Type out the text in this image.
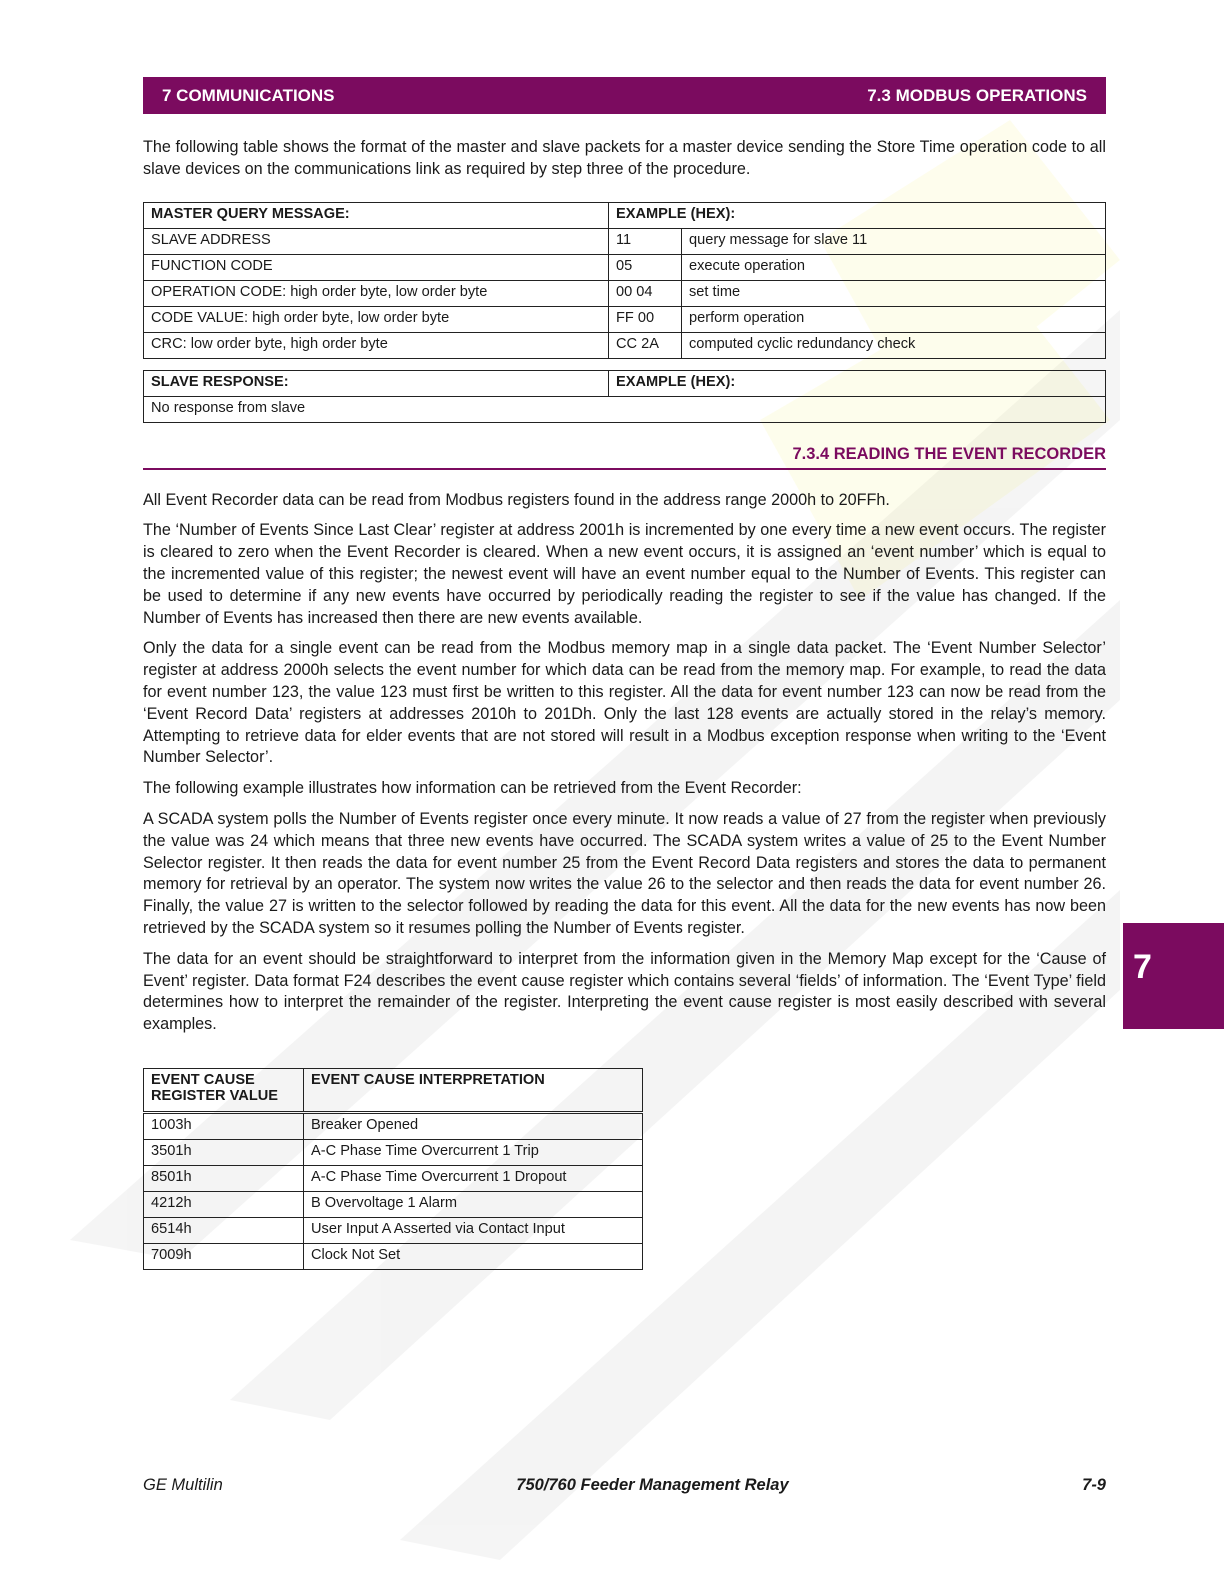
7 COMMUNICATIONS	7.3 MODBUS OPERATIONS

The following table shows the format of the master and slave packets for a master device sending the Store Time operation code to all slave devices on the communications link as required by step three of the procedure.

MASTER QUERY MESSAGE:	EXAMPLE (HEX):	
SLAVE ADDRESS	11	query message for slave 11
FUNCTION CODE	05	execute operation
OPERATION CODE: high order byte, low order byte	00 04	set time
CODE VALUE: high order byte, low order byte	FF 00	perform operation
CRC: low order byte, high order byte	CC 2A	computed cyclic redundancy check
SLAVE RESPONSE:	EXAMPLE (HEX):
No response from slave
7.3.4 READING THE EVENT RECORDER

All Event Recorder data can be read from Modbus registers found in the address range 2000h to 20FFh.

The ‘Number of Events Since Last Clear’ register at address 2001h is incremented by one every time a new event occurs. The register is cleared to zero when the Event Recorder is cleared. When a new event occurs, it is assigned an ‘event number’ which is equal to the incremented value of this register; the newest event will have an event number equal to the Number of Events. This register can be used to determine if any new events have occurred by periodically reading the register to see if the value has changed. If the Number of Events has increased then there are new events available.

Only the data for a single event can be read from the Modbus memory map in a single data packet. The ‘Event Number Selector’ register at address 2000h selects the event number for which data can be read from the memory map. For example, to read the data for event number 123, the value 123 must first be written to this register. All the data for event number 123 can now be read from the ‘Event Record Data’ registers at addresses 2010h to 201Dh. Only the last 128 events are actually stored in the relay’s memory. Attempting to retrieve data for elder events that are not stored will result in a Modbus exception response when writing to the ‘Event Number Selector’.

The following example illustrates how information can be retrieved from the Event Recorder:

A SCADA system polls the Number of Events register once every minute. It now reads a value of 27 from the register when previously the value was 24 which means that three new events have occurred. The SCADA system writes a value of 25 to the Event Number Selector register. It then reads the data for event number 25 from the Event Record Data registers and stores the data to permanent memory for retrieval by an operator. The system now writes the value 26 to the selector and then reads the data for event number 26. Finally, the value 27 is written to the selector followed by reading the data for this event. All the data for the new events has now been retrieved by the SCADA system so it resumes polling the Number of Events register.

The data for an event should be straightforward to interpret from the information given in the Memory Map except for the ‘Cause of Event’ register. Data format F24 describes the event cause register which contains several ‘fields’ of information. The ‘Event Type’ field determines how to interpret the remainder of the register. Interpreting the event cause register is most easily described with several examples.

EVENT CAUSE REGISTER VALUE	EVENT CAUSE INTERPRETATION
1003h	Breaker Opened
3501h	A-C Phase Time Overcurrent 1 Trip
8501h	A-C Phase Time Overcurrent 1 Dropout
4212h	B Overvoltage 1 Alarm
6514h	User Input A Asserted via Contact Input
7009h	Clock Not Set
7
GE Multilin	750/760 Feeder Management Relay	7-9
